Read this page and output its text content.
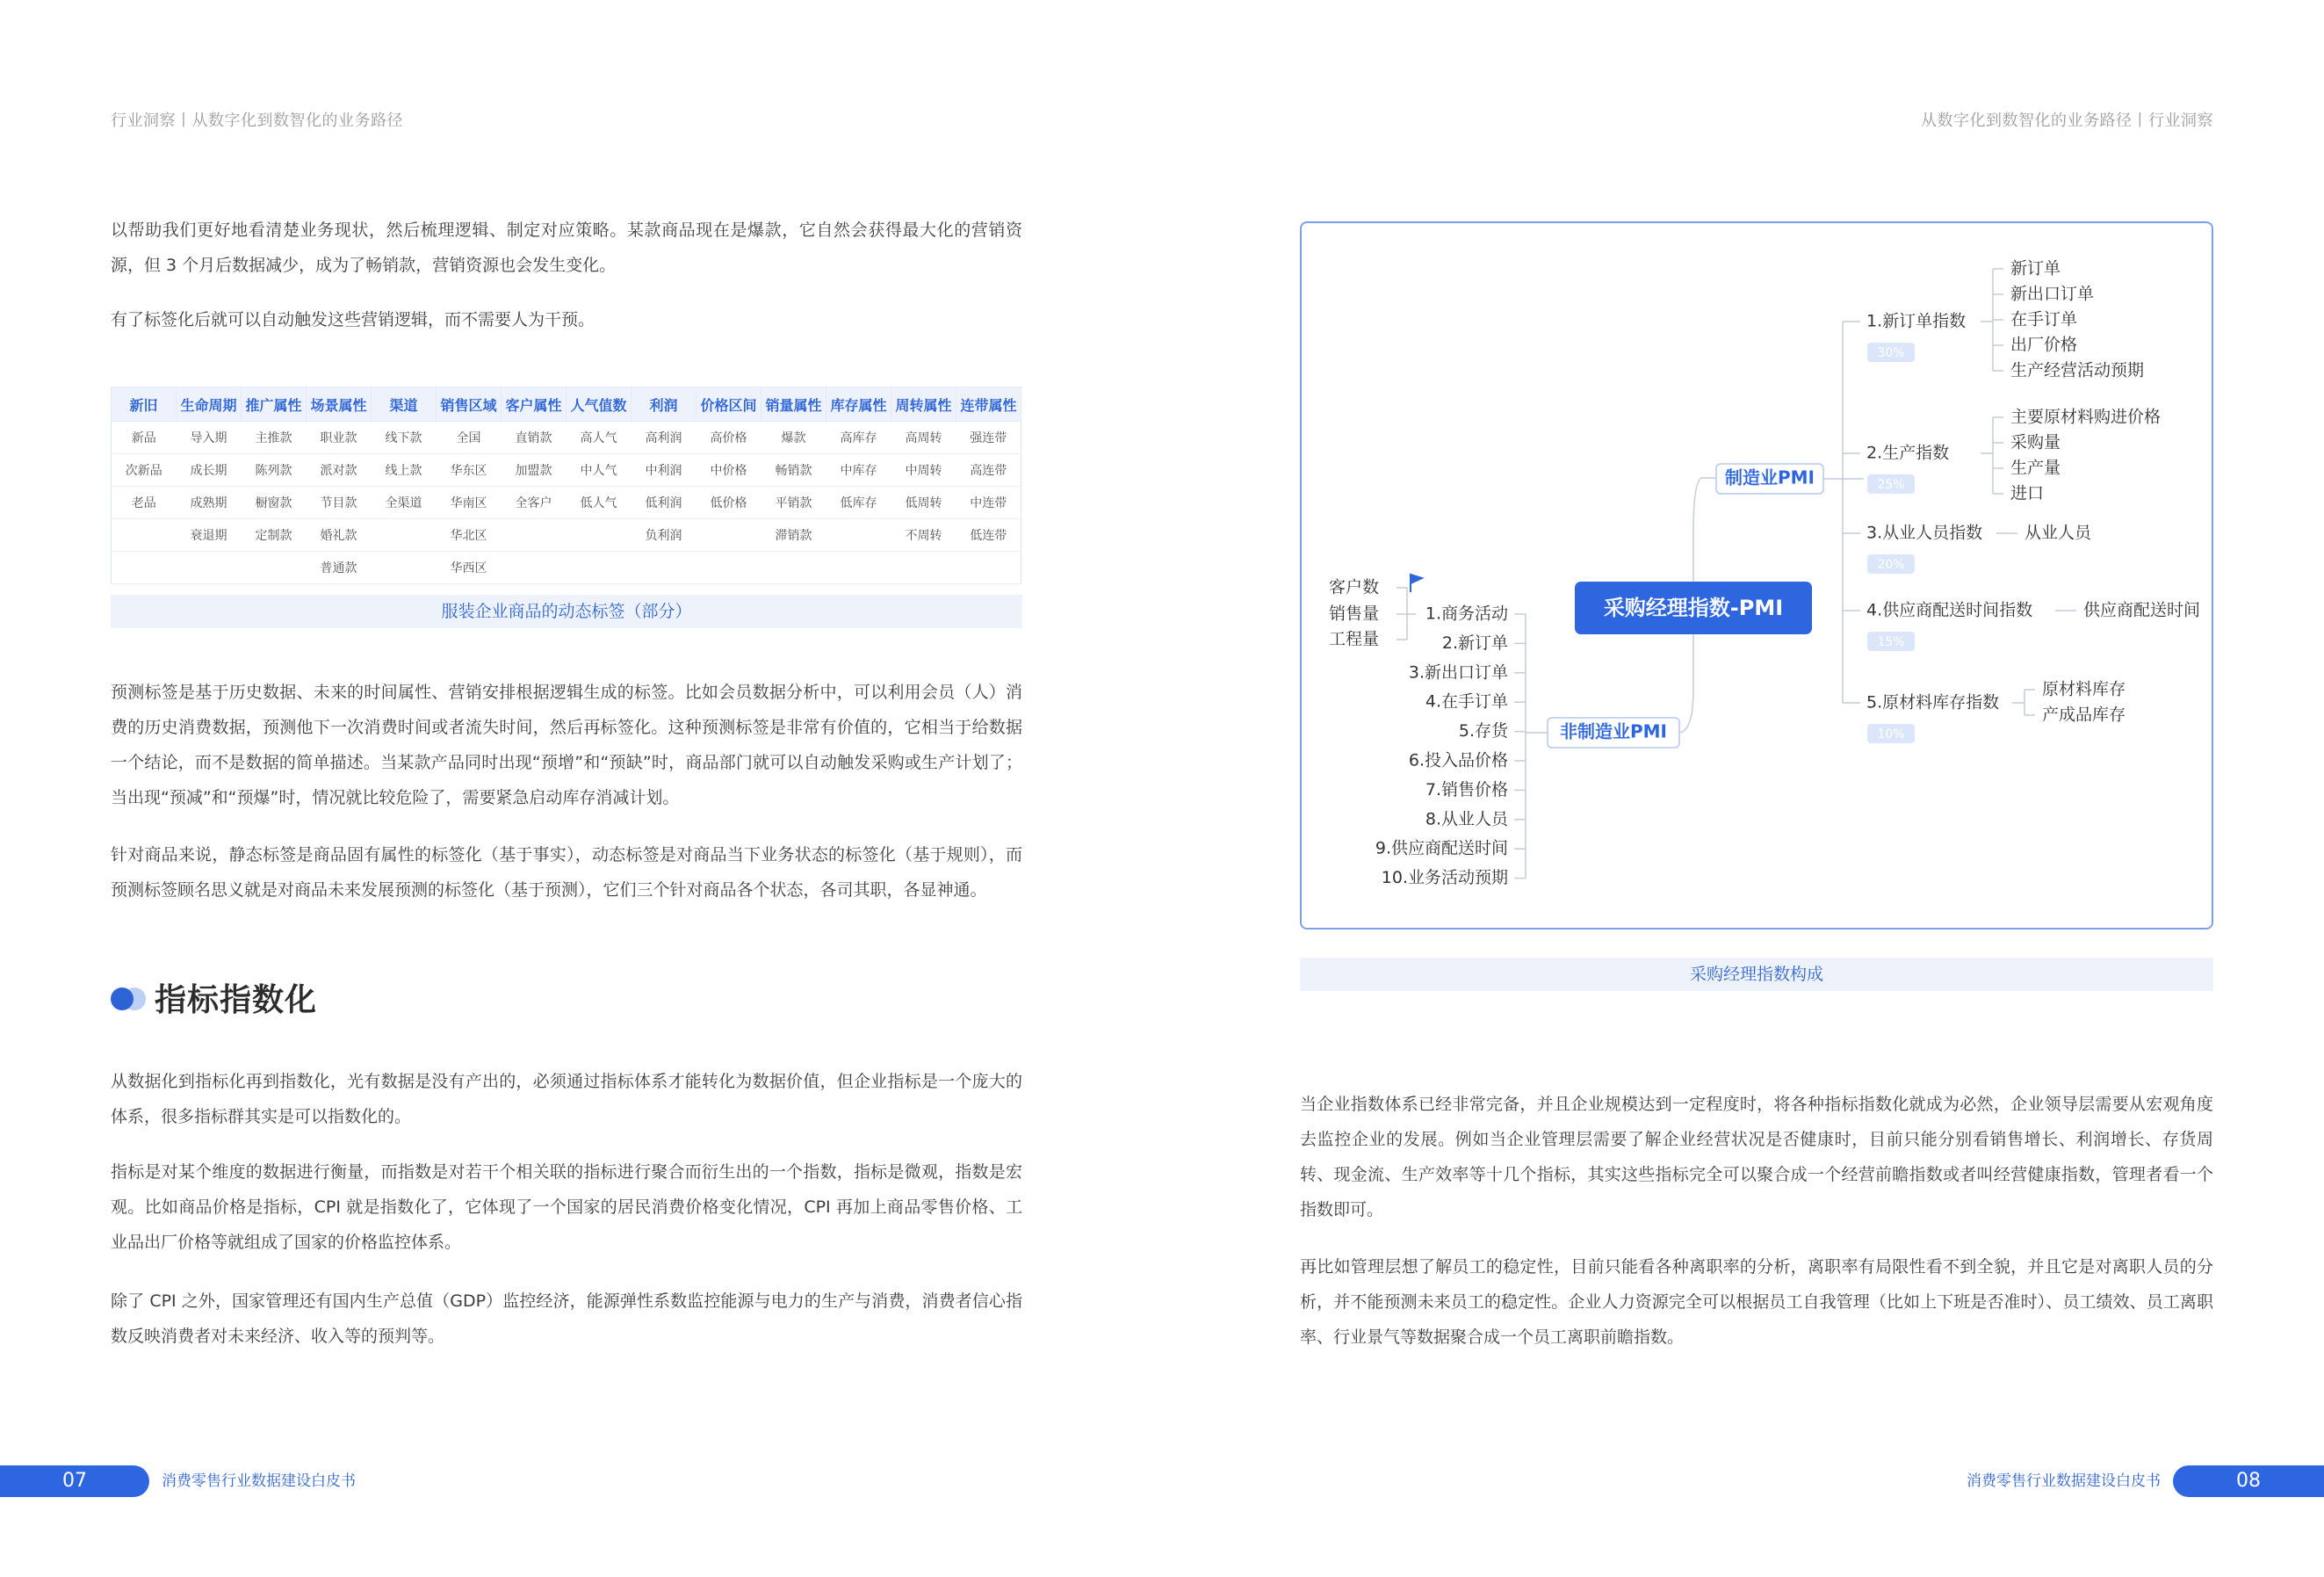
行业洞察丨从数字化到数智化的业务路径	从数字化到数智化的业务路径丨行业洞察

以帮助我们更好地看清楚业务现状，然后梳理逻辑、制定对应策略。某款商品现在是爆款，它自然会获得最大化的营销资源，但 3 个月后数据减少，成为了畅销款，营销资源也会发生变化。

有了标签化后就可以自动触发这些营销逻辑，而不需要人为干预。

新旧	生命周期	推广属性	场景属性	渠道	销售区域	客户属性	人气值数	利润	价格区间	销量属性	库存属性	周转属性	连带属性
新品	导入期	主推款	职业款	线下款	全国	直销款	高人气	高利润	高价格	爆款	高库存	高周转	强连带
次新品	成长期	陈列款	派对款	线上款	华东区	加盟款	中人气	中利润	中价格	畅销款	中库存	中周转	高连带
老品	成熟期	橱窗款	节目款	全渠道	华南区	全客户	低人气	低利润	低价格	平销款	低库存	低周转	中连带
	衰退期	定制款	婚礼款		华北区			负利润		滞销款		不周转	低连带
			普通款		华西区								
服装企业商品的动态标签（部分）

预测标签是基于历史数据、未来的时间属性、营销安排根据逻辑生成的标签。比如会员数据分析中，可以利用会员（人）消费的历史消费数据，预测他下一次消费时间或者流失时间，然后再标签化。这种预测标签是非常有价值的，它相当于给数据一个结论，而不是数据的简单描述。当某款产品同时出现“预增”和“预缺”时，商品部门就可以自动触发采购或生产计划了；当出现“预减”和“预爆”时，情况就比较危险了，需要紧急启动库存消减计划。

针对商品来说，静态标签是商品固有属性的标签化（基于事实），动态标签是对商品当下业务状态的标签化（基于规则），而预测标签顾名思义就是对商品未来发展预测的标签化（基于预测），它们三个针对商品各个状态，各司其职，各显神通。

指标指数化

从数据化到指标化再到指数化，光有数据是没有产出的，必须通过指标体系才能转化为数据价值，但企业指标是一个庞大的体系，很多指标群其实是可以指数化的。

指标是对某个维度的数据进行衡量，而指数是对若干个相关联的指标进行聚合而衍生出的一个指数，指标是微观，指数是宏观。比如商品价格是指标，CPI 就是指数化了，它体现了一个国家的居民消费价格变化情况，CPI 再加上商品零售价格、工业品出厂价格等就组成了国家的价格监控体系。

除了 CPI 之外，国家管理还有国内生产总值（GDP）监控经济，能源弹性系数监控能源与电力的生产与消费，消费者信心指数反映消费者对未来经济、收入等的预判等。

采购经理指数-PMI
制造业PMI
非制造业PMI
1.新订单指数
30%
新订单
新出口订单
在手订单
出厂价格
生产经营活动预期
2.生产指数
25%
主要原材料购进价格
采购量
生产量
进口
3.从业人员指数
20%
从业人员
4.供应商配送时间指数
15%
供应商配送时间
5.原材料库存指数
10%
原材料库存
产成品库存
1.商务活动
2.新订单
3.新出口订单
4.在手订单
5.存货
6.投入品价格
7.销售价格
8.从业人员
9.供应商配送时间
10.业务活动预期
客户数
销售量
工程量
采购经理指数构成

当企业指数体系已经非常完备，并且企业规模达到一定程度时，将各种指标指数化就成为必然，企业领导层需要从宏观角度去监控企业的发展。例如当企业管理层需要了解企业经营状况是否健康时，目前只能分别看销售增长、利润增长、存货周转、现金流、生产效率等十几个指标，其实这些指标完全可以聚合成一个经营前瞻指数或者叫经营健康指数，管理者看一个指数即可。

再比如管理层想了解员工的稳定性，目前只能看各种离职率的分析，离职率有局限性看不到全貌，并且它是对离职人员的分析，并不能预测未来员工的稳定性。企业人力资源完全可以根据员工自我管理（比如上下班是否准时）、员工绩效、员工离职率、行业景气等数据聚合成一个员工离职前瞻指数。

07	消费零售行业数据建设白皮书	消费零售行业数据建设白皮书	08
